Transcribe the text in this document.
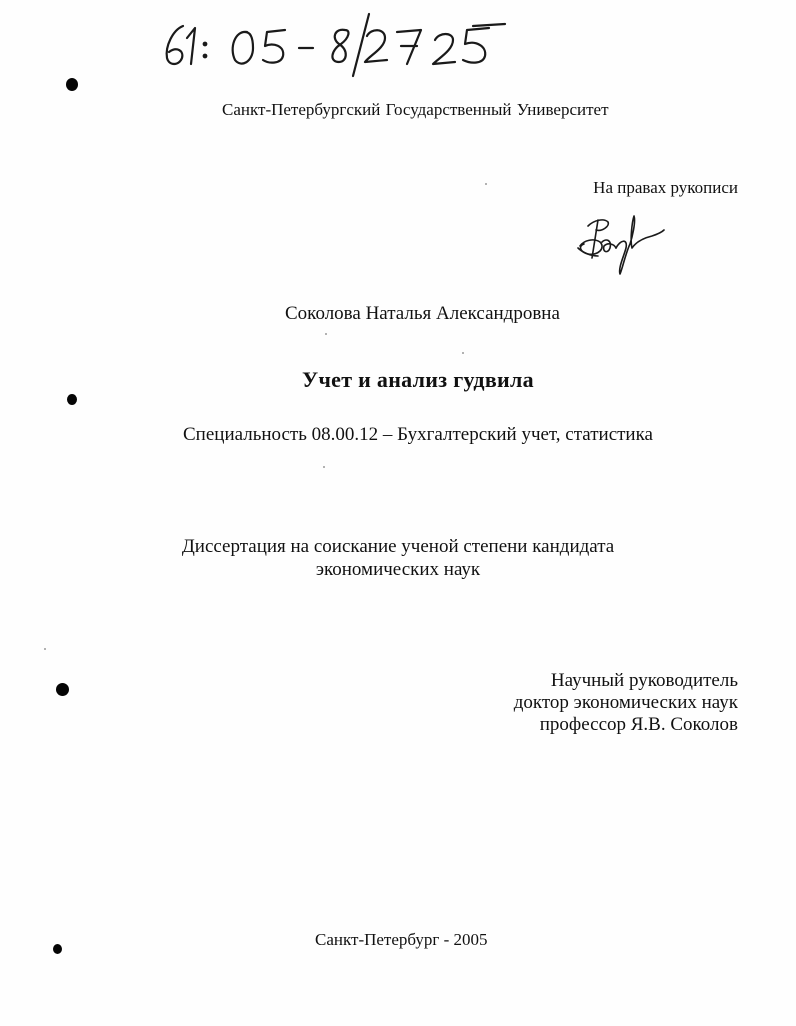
Санкт-Петербургский Государственный Университет
На правах рукописи
Соколова Наталья Александровна
Учет и анализ гудвила
Специальность 08.00.12 – Бухгалтерский учет, статистика
Диссертация на соискание ученой степени кандидата
экономических наук
Научный руководитель
доктор экономических наук
профессор Я.В. Соколов
Санкт-Петербург - 2005
